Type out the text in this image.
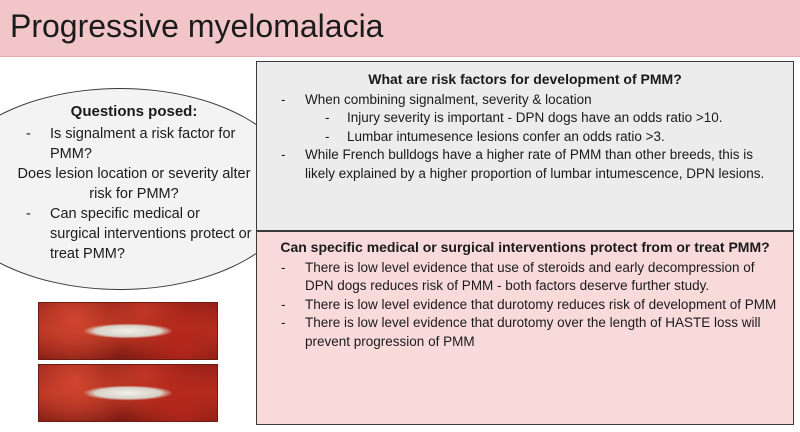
Progressive myelomalacia
Questions posed:
- Is signalment a risk factor for PMM?
Does lesion location or severity alter risk for PMM?
- Can specific medical or surgical interventions protect or treat PMM?
What are risk factors for development of PMM?
- When combining signalment, severity & location
- Injury severity is important - DPN dogs have an odds ratio >10.
- Lumbar intumesence lesions confer an odds ratio >3.
- While French bulldogs have a higher rate of PMM than other breeds, this is likely explained by a higher proportion of lumbar intumescence, DPN lesions.
Can specific medical or surgical interventions protect from or treat PMM?
- There is low level evidence that use of steroids and early decompression of DPN dogs reduces risk of PMM - both factors deserve further study.
- There is low level evidence that durotomy reduces risk of development of PMM
- There is low level evidence that durotomy over the length of HASTE loss will prevent progression of PMM
